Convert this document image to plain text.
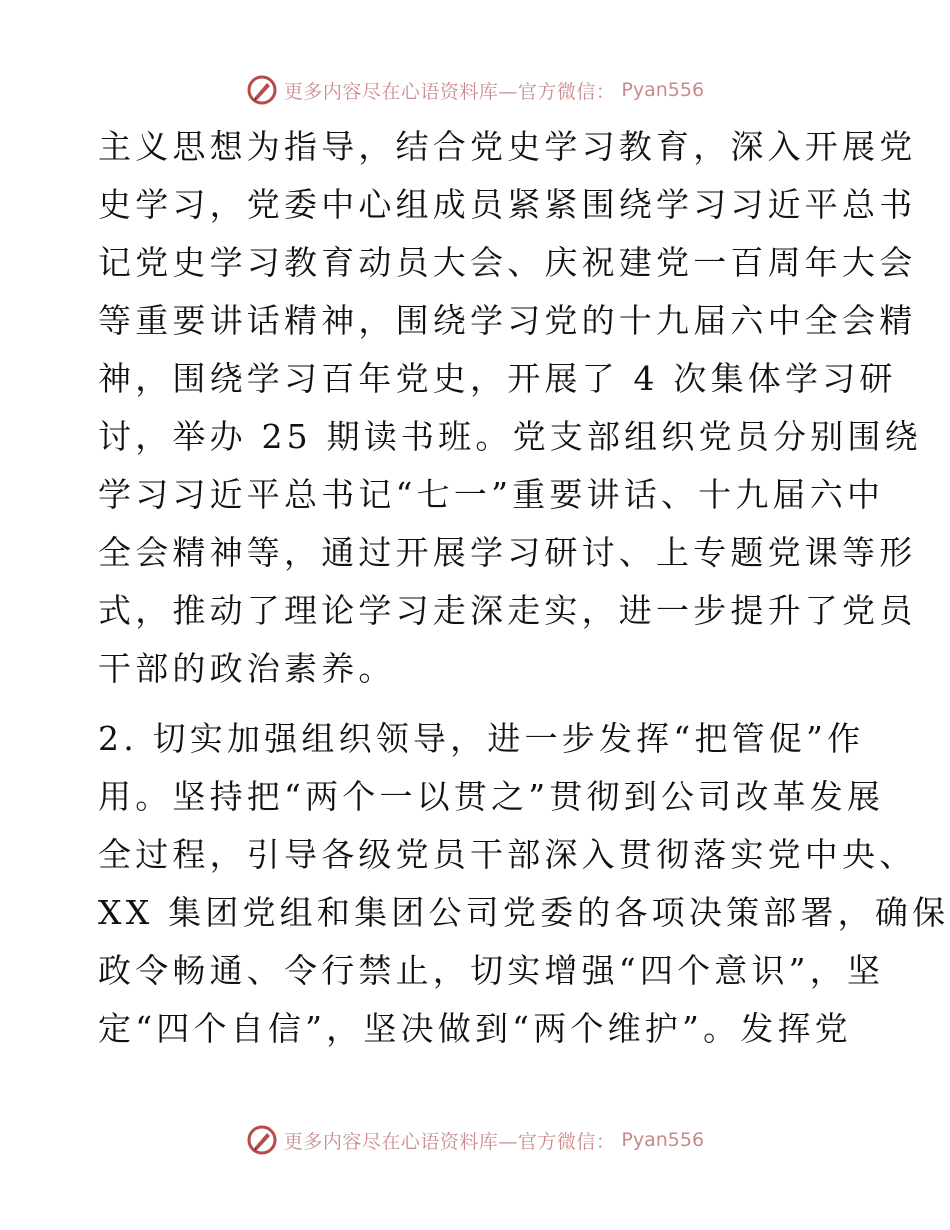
更多内容尽在心语资料库—官方微信： Pyan556
主义思想为指导，结合党史学习教育，深入开展党
史学习，党委中心组成员紧紧围绕学习习近平总书
记党史学习教育动员大会、庆祝建党一百周年大会
等重要讲话精神，围绕学习党的十九届六中全会精
神，围绕学习百年党史，开展了 4 次集体学习研
讨，举办 25 期读书班。党支部组织党员分别围绕
学习习近平总书记“七一”重要讲话、十九届六中
全会精神等，通过开展学习研讨、上专题党课等形
式，推动了理论学习走深走实，进一步提升了党员
干部的政治素养。
2. 切实加强组织领导，进一步发挥“把管促”作
用。坚持把“两个一以贯之”贯彻到公司改革发展
全过程，引导各级党员干部深入贯彻落实党中央、
XX 集团党组和集团公司党委的各项决策部署，确保
政令畅通、令行禁止，切实增强“四个意识”，坚
定“四个自信”，坚决做到“两个维护”。发挥党
更多内容尽在心语资料库—官方微信： Pyan556
